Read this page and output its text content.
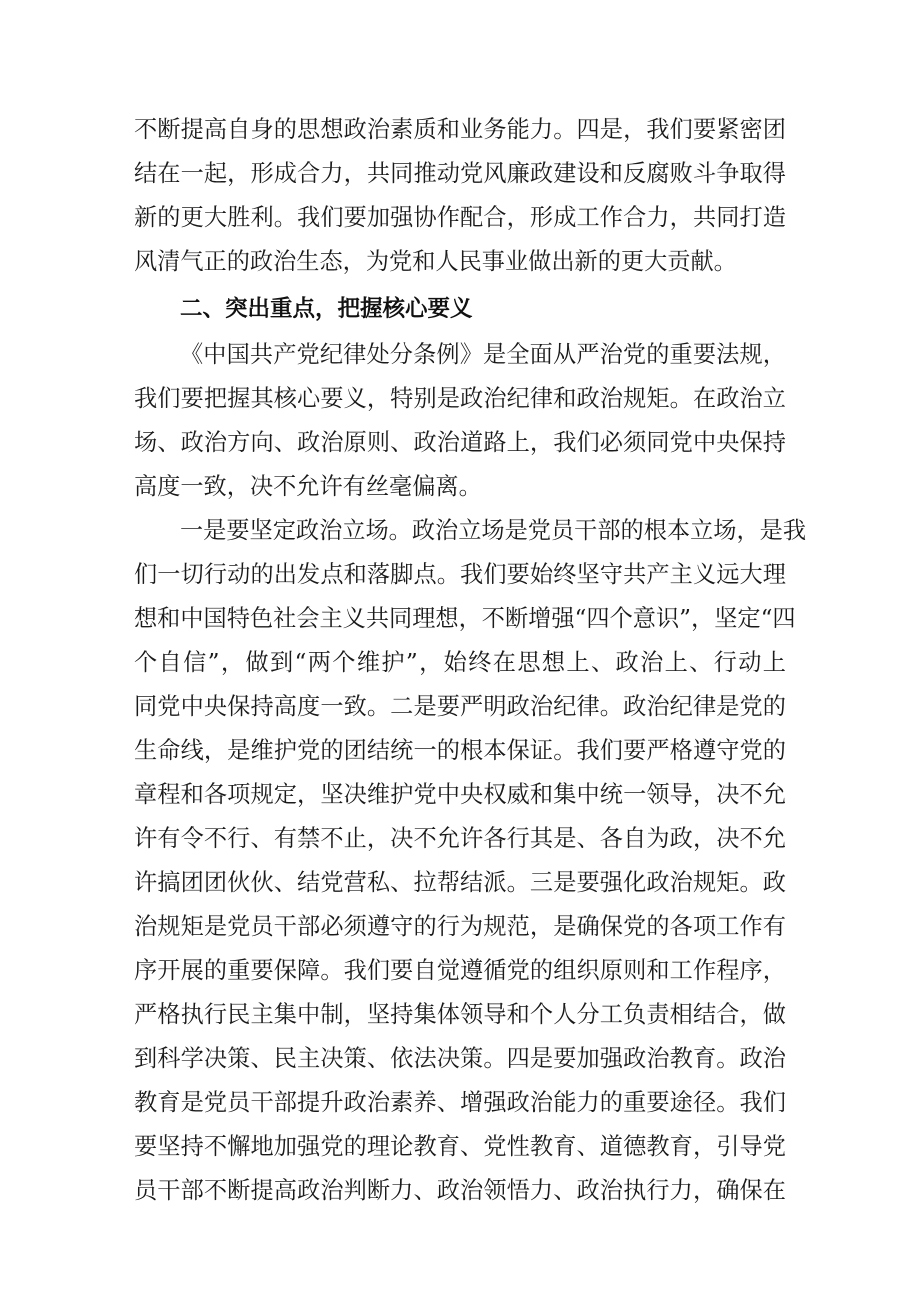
不断提高自身的思想政治素质和业务能力。四是，我们要紧密团
结在一起，形成合力，共同推动党风廉政建设和反腐败斗争取得
新的更大胜利。我们要加强协作配合，形成工作合力，共同打造
风清气正的政治生态，为党和人民事业做出新的更大贡献。
二、突出重点，把握核心要义
《中国共产党纪律处分条例》是全面从严治党的重要法规，
我们要把握其核心要义，特别是政治纪律和政治规矩。在政治立
场、政治方向、政治原则、政治道路上，我们必须同党中央保持
高度一致，决不允许有丝毫偏离。
一是要坚定政治立场。政治立场是党员干部的根本立场，是我
们一切行动的出发点和落脚点。我们要始终坚守共产主义远大理
想和中国特色社会主义共同理想，不断增强“四个意识”，坚定“四
个自信”，做到“两个维护”，始终在思想上、政治上、行动上
同党中央保持高度一致。二是要严明政治纪律。政治纪律是党的
生命线，是维护党的团结统一的根本保证。我们要严格遵守党的
章程和各项规定，坚决维护党中央权威和集中统一领导，决不允
许有令不行、有禁不止，决不允许各行其是、各自为政，决不允
许搞团团伙伙、结党营私、拉帮结派。三是要强化政治规矩。政
治规矩是党员干部必须遵守的行为规范，是确保党的各项工作有
序开展的重要保障。我们要自觉遵循党的组织原则和工作程序，
严格执行民主集中制，坚持集体领导和个人分工负责相结合，做
到科学决策、民主决策、依法决策。四是要加强政治教育。政治
教育是党员干部提升政治素养、增强政治能力的重要途径。我们
要坚持不懈地加强党的理论教育、党性教育、道德教育，引导党
员干部不断提高政治判断力、政治领悟力、政治执行力，确保在
